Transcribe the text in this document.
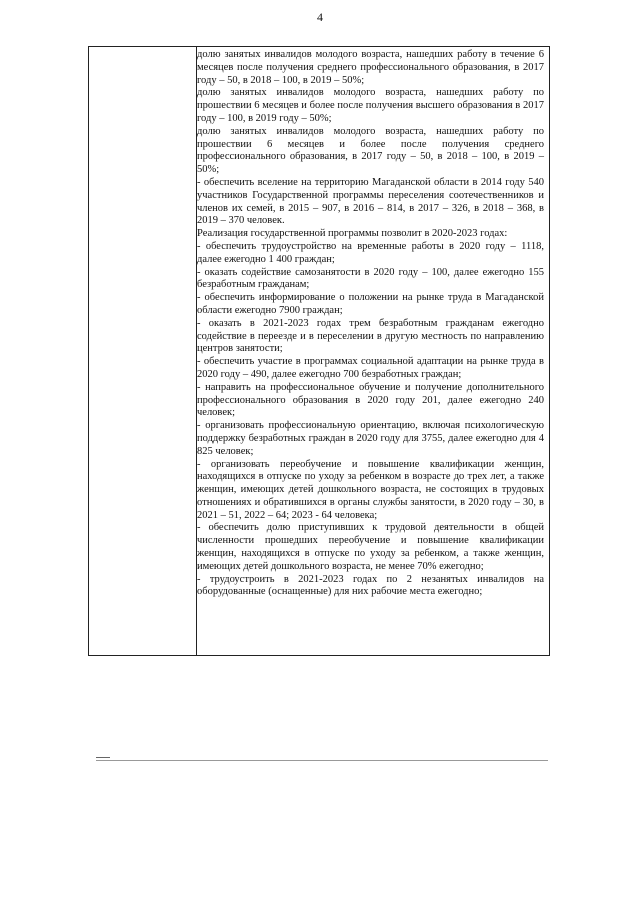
4

долю занятых инвалидов молодого возраста, нашедших работу в течение 6 месяцев после получения среднего профессионального образования, в 2017 году – 50, в 2018 – 100, в 2019 – 50%;

долю занятых инвалидов молодого возраста, нашедших работу по прошествии 6 месяцев и более после получения высшего образования в 2017 году – 100, в 2019 году – 50%;

долю занятых инвалидов молодого возраста, нашедших работу по прошествии 6 месяцев и более после получения среднего профессионального образования, в 2017 году – 50, в 2018 – 100, в 2019 – 50%;

- обеспечить вселение на территорию Магаданской области в 2014 году 540 участников Государственной программы переселения соотечественников и членов их семей, в 2015 – 907, в 2016 – 814, в 2017 – 326, в 2018 – 368, в 2019 – 370 человек.

Реализация государственной программы позволит в 2020-2023 годах:

- обеспечить трудоустройство на временные работы в 2020 году – 1118, далее ежегодно 1 400 граждан;

- оказать содействие самозанятости в 2020 году – 100, далее ежегодно 155 безработным гражданам;

- обеспечить информирование о положении на рынке труда в Магаданской области ежегодно 7900 граждан;

- оказать в 2021-2023 годах трем безработным гражданам ежегодно содействие в переезде и в переселении в другую местность по направлению центров занятости;

- обеспечить участие в программах социальной адаптации на рынке труда в 2020 году – 490, далее ежегодно 700 безработных граждан;

- направить на профессиональное обучение и получение дополнительного профессионального образования в 2020 году 201, далее ежегодно 240 человек;

- организовать профессиональную ориентацию, включая психологическую поддержку безработных граждан в 2020 году для 3755, далее ежегодно для 4 825 человек;

- организовать переобучение и повышение квалификации женщин, находящихся в отпуске по уходу за ребенком в возрасте до трех лет, а также женщин, имеющих детей дошкольного возраста, не состоящих в трудовых отношениях и обратившихся в органы службы занятости, в 2020 году – 30, в 2021 – 51, 2022 – 64; 2023 - 64 человека;

- обеспечить долю приступивших к трудовой деятельности в общей численности прошедших переобучение и повышение квалификации женщин, находящихся в отпуске по уходу за ребенком, а также женщин, имеющих детей дошкольного возраста, не менее 70% ежегодно;

- трудоустроить в 2021-2023 годах по 2 незанятых инвалидов на оборудованные (оснащенные) для них рабочие места ежегодно;
